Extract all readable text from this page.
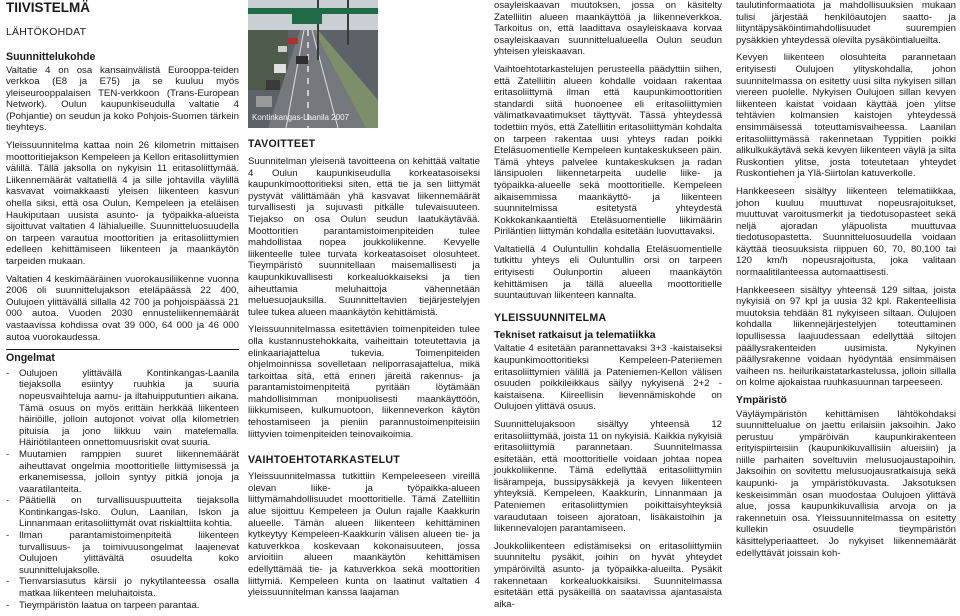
TIIVISTELMÄ
LÄHTÖKOHDAT
Suunnittelukohde

Valtatie 4 on osa kansainvälistä Eurooppa-teiden verkkoa (E8 ja E75) ja se kuuluu myös yleiseurooppalaisen TEN-verkkoon (Trans-European Network). Oulun kaupunkiseudulla valtatie 4 (Pohjantie) on seudun ja koko Pohjois-Suomen tärkein tieyhteys.

Yleissuunnitelma kattaa noin 26 kilometrin mittaisen moottoritiejakson Kempeleen ja Kellon eritasoliittymien välillä. Tällä jaksolla on nykyisin 11 eritasoliittymää. Liikennemäärät valtatiellä 4 ja sille johtavilla väylillä kasvavat voimakkaasti yleisen liikenteen kasvun ohella siksi, että osa Oulun, Kempeleen ja eteläisen Haukiputaan uusista asunto- ja työpaikka-alueista sijoittuvat valtatien 4 lähialueille. Suunnitteluosuudella on tarpeen varautua moottoritien ja eritasoliittymien edelleen kehittämiseen liikenteen ja maankäytön tarpeiden mukaan.

Valtatien 4 keskimääräinen vuorokausiliikenne vuonna 2006 oli suunnittelujakson eteläpäässä 22 400, Oulujoen ylittävällä sillalla 42 700 ja pohjoispäässä 21 000 autoa. Vuoden 2030 ennusteliikennemäärät vastaavissa kohdissa ovat 39 000, 64 000 ja 46 000 autoa vuorokaudessa.

Ongelmat
- Oulujoen ylittävällä Kontinkangas-Laanila tiejaksolla esiintyy ruuhkia ja suuria nopeusvaihteluja aamu- ja iltahuipputuntien aikana. Tämä osuus on myös erittäin herkkää liikenteen häiriöille, jolloin autojonot voivat olla kilometrien pituisia ja jono liikkuu vain matelemalla. Häiriötilanteen onnettomuusriskit ovat suuria.
- Muutamien ramppien suuret liikennemäärät aiheuttavat ongelmia moottoritielle liittymisessä ja erkanemisessa, jolloin syntyy pitkiä jonoja ja vaaratilanteita.
- Päätiellä on turvallisuuspuutteita tiejaksolla Kontinkangas-Isko. Oulun, Laanilan, Iskon ja Linnanmaan eritasoliittymät ovat riskialttiita kohtia.
- Ilman parantamistoimenpiteitä liikenteen turvallisuus- ja toimivuusongelmat laajenevat Oulujoen ylittävältä osuudelta koko suunnittelujaksolle.
- Tienvarsiasutus kärsii jo nykytilanteessa osalla matkaa liikenteen meluhaitoista.
- Tieympäristön laatua on tarpeen parantaa.
Kontinkangas-Laanila 2007
TAVOITTEET

Suunnitelman yleisenä tavoitteena on kehittää valtatie 4 Oulun kaupunkiseudulla korkeatasoiseksi kaupunkimoottoritieksi siten, että tie ja sen liittymät pystyvät välittämään yhä kasvavat liikennemäärät turvallisesti ja sujuvasti pitkälle tulevaisuuteen. Tiejakso on osa Oulun seudun laatukäytävää. Moottoritien parantamistoimenpiteiden tulee mahdollistaa nopea joukkoliikenne. Kevyelle liikenteelle tulee turvata korkeatasoiset olosuhteet. Tieympäristö suunnitellaan maisemallisesti ja kaupunkikuvallisesti korkealuokkaiseksi ja tien aiheuttamia meluhaittoja vähennetään meluesuojauksilla. Suunnitteltavien tiejärjestelyjen tulee tukea alueen maankäytön kehittämistä.

Yleissuunnitelmassa esitettävien toimenpiteiden tulee olla kustannustehokkaita, vaiheittain toteutettavia ja elinkaariajattelua tukevia. Toimenpiteiden ohjelmoinnissa sovelletaan neliporrasajattelua, mikä tarkoittaa sitä, että ennen järeitä rakennus- ja parantamistoimenpiteitä pyritään löytämään mahdollisimman monipuolisesti maankäyttöön, liikkumiseen, kulkumuotoon, liikenneverkon käytön tehostamiseen ja pieniin parannustoimenpiteisiin liittyvien toimenpiteiden teinovaikoimia.

VAIHTOEHTOTARKASTELUT

Yleissuunnitelmassa tutkittiin Kempeleeseen vireillä olevan liike- ja työpaikka-alueen liittymämahdollisuudet moottoritielle. Tämä Zatelliitin alue sijoittuu Kempeleen ja Oulun rajalle Kaakkurin alueelle. Tämän alueen liikenteen kehittäminen kytkeytyy Kempeleen-Kaakkurin välisen alueen tie- ja katuverkkoa koskevaan kokonaisuuteen, jossa arvioitiin alueen maankäytön kehittämisen edellyttämää tie- ja katuverkkoa sekä moottoritien liittymiä. Kempeleen kunta on laatinut valtatien 4 yleissuunnitelman kanssa laajaman

osayleiskaavan muutoksen, jossa on käsitelty Zatelliitin alueen maankäyttöä ja liikenneverkkoa. Tarkoitus on, että laadittava osayleiskaava korvaa osayleiskaavan suunnittelualueella Oulun seudun yhteisen yleiskaavan.

Vaihtoehtotarkastelujen perusteella päädyttiin siihen, että Zatelliitin alueen kohdalle voidaan rakentaa eritasoliittymä ilman että kaupunkimoottoritien standardi siitä huonoenee eli eritasoliittymien välimatkavaatimukset täyttyvät. Tässä yhteydessä todettiin myös, että Zatelliitin eritasoliittymän kohdalta on tarpeen rakentaa uusi yhteys radan poikki Eteläsuomentielle Kempeleen kuntakeskukseen päin. Tämä yhteys palvelee kuntakeskuksen ja radan länsipuolen liikennetarpeita uudelle liike- ja työpaikka-alueelle sekä moottoritielle. Kempeleen aikaisemmissa maankäyttö- ja liikenteen suunnitelmissa esitetystä yhteydestä Kokkokankaantieltä Eteläsuomentielle liikimäärin Piriläntien liittymän kohdalla esitetään luovuttavaksi.

Valtatiellä 4 Ouluntullin kohdalla Eteläsuomentielle tutkittu yhteys eli Ouluntullin orsi on tarpeen erityisesti Oulunportin alueen maankäytön kehittämisen ja tällä alueella moottoritielle suuntautuvan liikenteen kannalta.

YLEISSUUNNITELMA
Tekniset ratkaisut ja telematiikka

Valtatie 4 esitetään parannettavaksi 3+3 -kaistaiseksi kaupunkimoottoritieksi Kempeleen-Pateniemen eritasoliittymien välillä ja Pateniemen-Kellon välisen osuuden poikkileikkaus säilyy nykyisenä 2+2 -kaistaisena. Kiireellisin lievennämiskohde on Oulujoen ylittävä osuus.

Suunnittelujaksoon sisältyy yhteensä 12 eritasoliittymää, joista 11 on nykyisiä. Kaikkia nykyisiä eritasoliittymiä parannetaan. Suunnitelmassa esitetään, että moottoritielle voidaan johtaa nopea joukkoliikenne. Tämä edellyttää eritasoliittymiin lisärampeja, bussipysäkkejä ja kevyen liikenteen yhteyksiä. Kempeleen, Kaakkurin, Linnanmaan ja Pateniemen eritasoliittymien poikittaisyhteyksiä varaudutaan toiseen ajoratoan, lisäkaistoihin ja liikennevalojen parantamiseen.

Joukkoliikenteen edistämiseksi on eritasoliittymiin suunniteltu pysäkit, joihin on hyvät yhteydet ympäröiviltä asunto- ja työpaikka-alueilta. Pysäkit rakennetaan korkealuokkaisiksi. Suunnitelmassa esitetään että pysäkeillä on saatavissa ajantasaista aika-

taulutinformaatiota ja mahdollisuuksien mukaan tulisi järjestää henkilöautojen saatto- ja liityntäpysäköintimahdollisuudet suurempien pysäkkien yhteydessä olevilta pysäköintialueilta.

Kevyen liikenteen olosuhteita parannetaan erityisesti Oulujoen ylityskohdalla, johon suunnitelmassa on esitetty uusi silta nykyisen sillan viereen puolelle. Nykyisen Oulujoen sillan kevyen liikenteen kaistat voidaan käyttää joen ylitse tehtävien kolmansien kaistojen yhteydessä ensimmäisessä toteuttamisvaiheessa. Laanilan eritasoliittymässä rakennetaan Typpitien poikki alikulkukäytävä sekä kevyen liikenteen väylä ja silta Ruskontien ylitse, josta toteutetaan yhteydet Ruskontiehen ja Ylä-Siirtolan katuverkolle.

Hankkeeseen sisältyy liikenteen telematiikkaa, johon kuuluu muuttuvat nopeusrajoitukset, muuttuvat varoitusmerkit ja tiedotusopasteet sekä neljä ajoradan yläpuolista muuttuvaa tiedotusopastetta. Suunnitteluosuudella voidaan käyttää tieosuuksista riippuen 60, 70, 80,100 tai 120 km/h nopeusrajoitusta, joka valitaan normaalitilanteessa automaattisesti.

Hankkeeseen sisältyy yhteensä 129 siltaa, joista nykyisiä on 97 kpl ja uusia 32 kpl. Rakenteellisia muutoksia tehdään 81 nykyiseen siltaan. Oulujoen kohdalla liikennejärjestelyjen toteuttaminen lopullisessa laajuudessaan edellyttää siltojen päällysrakenteiden uusimista. Nykyinen päällysrakenne voidaan hyödyntää ensimmäisen vaiheen ns. heilurikaistatarkastelussa, jolloin sillalla on kolme ajokaistaa ruuhkasuunnan tarpeeseen.

Ympäristö

Väyläympäristön kehittämisen lähtökohdaksi suunnittelualue on jaettu erilaisiin jaksoihin. Jako perustuu ympäröivän kaupunkirakenteen erityispiirteisiin (kaupunkikuvallisiin alueisiin) ja niille parhaiten soveltuviin melusuojaustapoihin. Jaksoihin on sovitettu melusuojausratkaisuja sekä kaupunki- ja ympäristökuvasta. Jaksotuksen keskeisimmän osan muodostaa Oulujoen ylittävä alue, jossa kaupunkikuvallisia arvoja on ja rakennetuin osa. Yleissuunnitelmassa on esitetty kullekin osuudelle tieympäristön käsittelyperiaatteet. Jo nykyiset liikennemäärät edellyttävät joissain koh-
